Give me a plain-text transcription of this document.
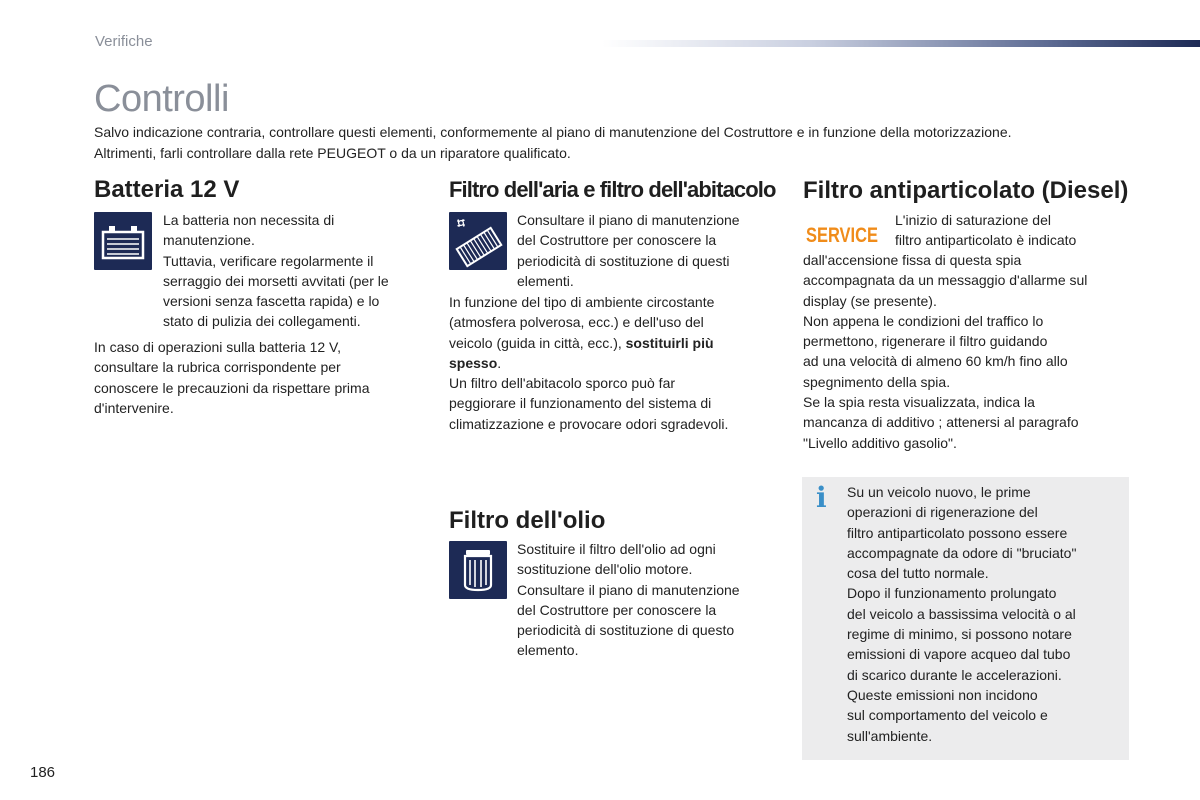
Verifiche
Controlli
Salvo indicazione contraria, controllare questi elementi, conformemente al piano di manutenzione del Costruttore e in funzione della motorizzazione.
Altrimenti, farli controllare dalla rete PEUGEOT o da un riparatore qualificato.
Batteria 12 V
La batteria non necessita di
manutenzione.
Tuttavia, verificare regolarmente il
serraggio dei morsetti avvitati (per le
versioni senza fascetta rapida) e lo
stato di pulizia dei collegamenti.
In caso di operazioni sulla batteria 12 V,
consultare la rubrica corrispondente per
conoscere le precauzioni da rispettare prima
d'intervenire.
Filtro dell'aria e filtro dell'abitacolo
Consultare il piano di manutenzione
del Costruttore per conoscere la
periodicità di sostituzione di questi
elementi.
In funzione del tipo di ambiente circostante
(atmosfera polverosa, ecc.) e dell'uso del
veicolo (guida in città, ecc.), sostituirli più
spesso.
Un filtro dell'abitacolo sporco può far
peggiorare il funzionamento del sistema di
climatizzazione e provocare odori sgradevoli.
Filtro dell'olio
Sostituire il filtro dell'olio ad ogni
sostituzione dell'olio motore.
Consultare il piano di manutenzione
del Costruttore per conoscere la
periodicità di sostituzione di questo
elemento.
Filtro antiparticolato (Diesel)
SERVICE
L'inizio di saturazione del
filtro antiparticolato è indicato
dall'accensione fissa di questa spia
accompagnata da un messaggio d'allarme sul
display (se presente).
Non appena le condizioni del traffico lo
permettono, rigenerare il filtro guidando
ad una velocità di almeno 60 km/h fino allo
spegnimento della spia.
Se la spia resta visualizzata, indica la
mancanza di additivo ; attenersi al paragrafo
"Livello additivo gasolio".
i Su un veicolo nuovo, le prime
operazioni di rigenerazione del
filtro antiparticolato possono essere
accompagnate da odore di "bruciato"
cosa del tutto normale.
Dopo il funzionamento prolungato
del veicolo a bassissima velocità o al
regime di minimo, si possono notare
emissioni di vapore acqueo dal tubo
di scarico durante le accelerazioni.
Queste emissioni non incidono
sul comportamento del veicolo e
sull'ambiente.
186
